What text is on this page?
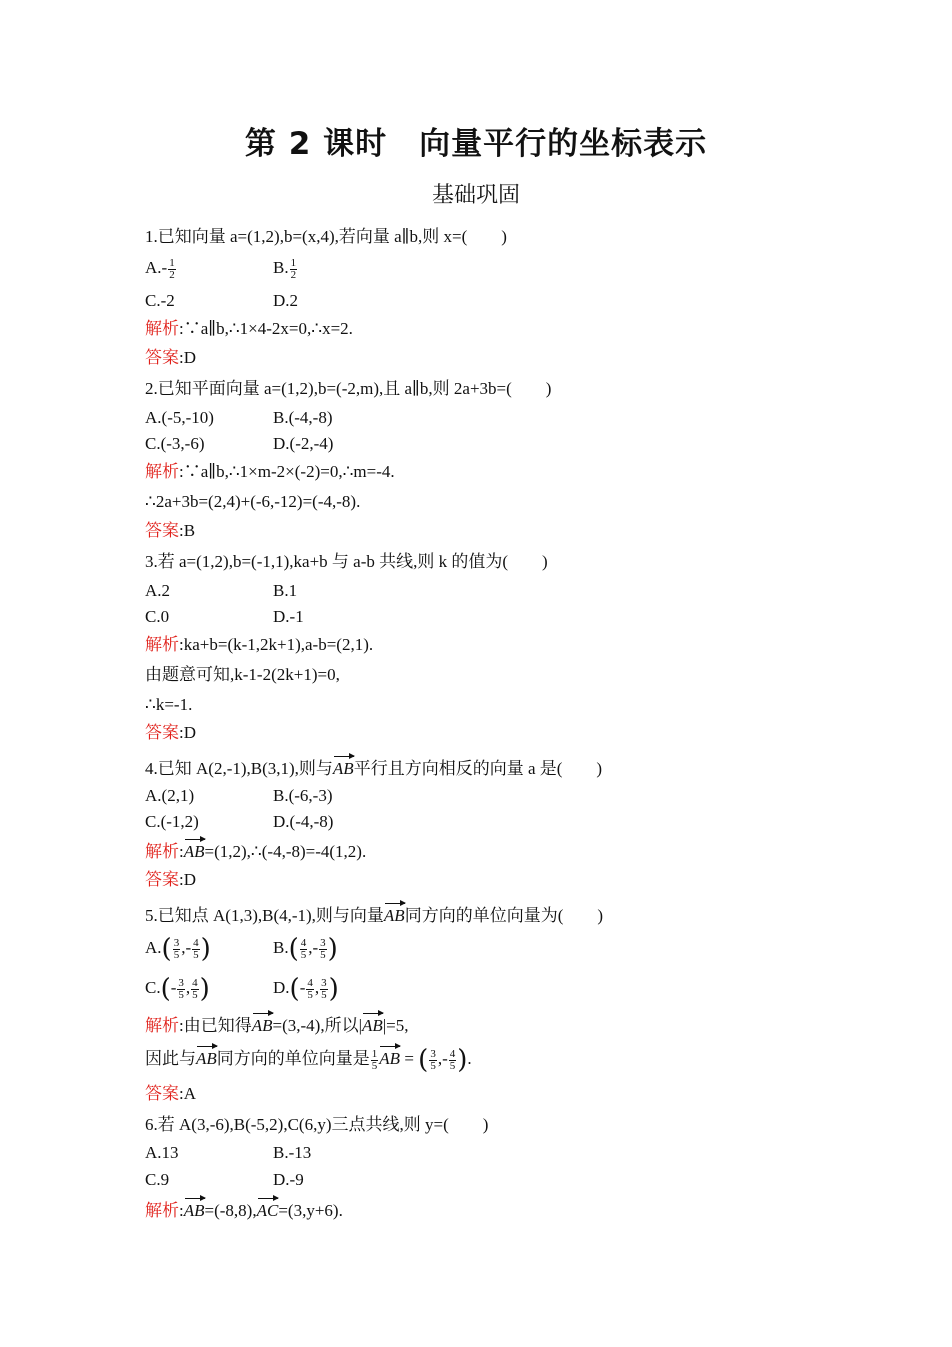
第 2 课时　向量平行的坐标表示
基础巩固
1.已知向量 a=(1,2),b=(x,4),若向量 a∥b,则 x=(　　)
$A.- \frac{1}{2}$	B. $\frac{1}{2}$
C.-2	D.2
解析:∵a∥b,∴1×4-2x=0,∴x=2.
答案:D
2.已知平面向量 a=(1,2),b=(-2,m),且 a∥b,则 2a+3b=(　　)
A.(-5,-10)	B.(-4,-8)
C.(-3,-6)	D.(-2,-4)
解析:∵a∥b,∴1×m-2×(-2)=0,∴m=-4.
∴2a+3b=(2,4)+(-6,-12)=(-4,-8).
答案:B
3.若 a=(1,2),b=(-1,1),ka+b 与 a-b 共线,则 k 的值为(　　)
A.2	B.1
C.0	D.-1
解析:ka+b=(k-1,2k+1),a-b=(2,1).
由题意可知,k-1-2(2k+1)=0,
∴k=-1.
答案:D
4.已知 A(2,-1),B(3,1),则与AB平行且方向相反的向量 a 是(　　)
A.(2,1)	B.(-6,-3)
C.(-1,2)	D.(-4,-8)
解析:AB=(1,2),∴(-4,-8)=-4(1,2).
答案:D
5.已知点 A(1,3),B(4,-1),则与向量AB同方向的单位向量为(　　)
$A.( \frac{3}{5}$ ,- $\frac{4}{5}$ )	$B.( \frac{4}{5}$ ,- $\frac{3}{5}$ )
$C.(- \frac{3}{5}$ , $\frac{4}{5}$ )	$D.(- \frac{4}{5}$ , $\frac{3}{5}$ )
解析:由已知得AB=(3,-4),所以|AB|=5,
因此与AB同方向的单位向量是 $\frac{1}{5}$ AB = ( $\frac{3}{5}$ ,- $\frac{4}{5}$ ).
答案:A
6.若 A(3,-6),B(-5,2),C(6,y)三点共线,则 y=(　　)
A.13	B.-13
C.9	D.-9
解析:AB=(-8,8),AC=(3,y+6).
